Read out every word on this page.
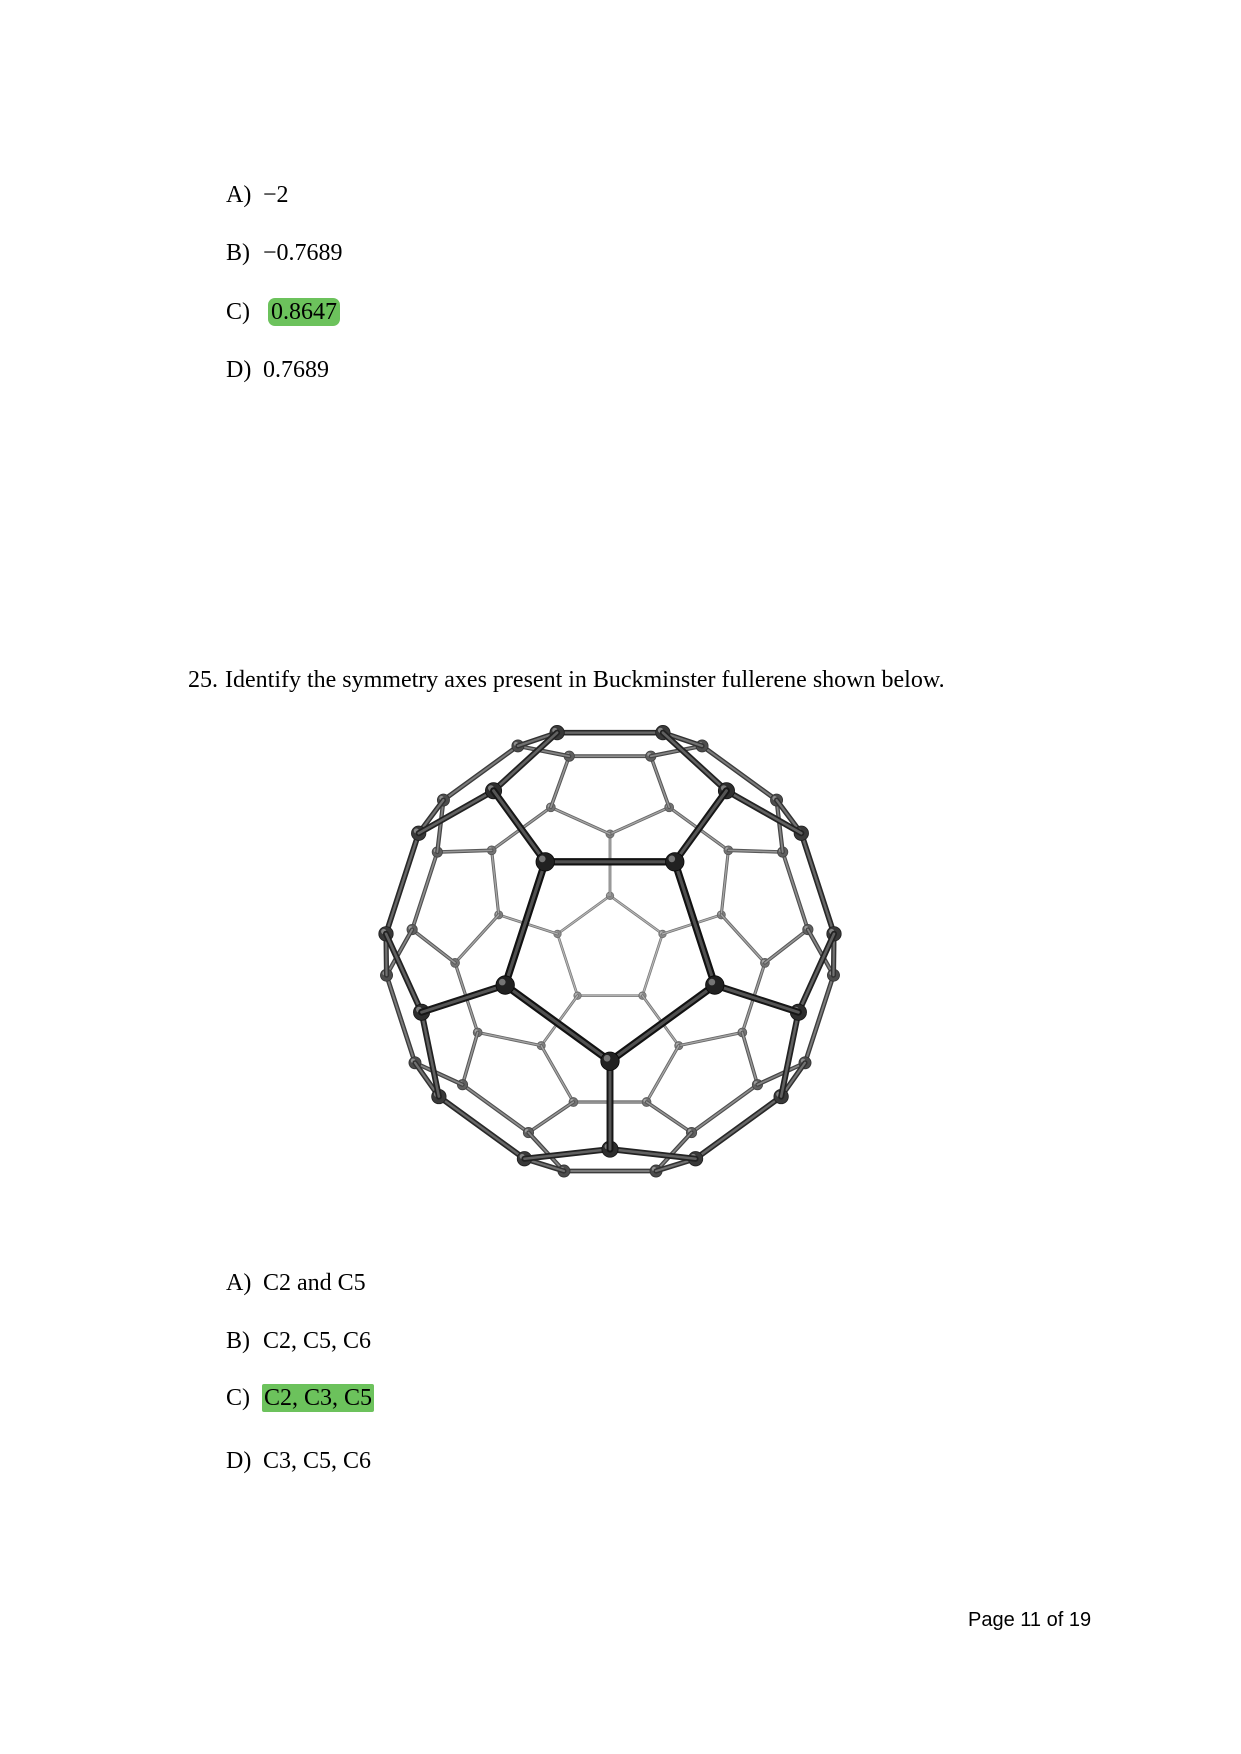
A) −2
B) −0.7689
C) 0.8647
D) 0.7689
25. Identify the symmetry axes present in Buckminster fullerene shown below.
A) C2 and C5
B) C2, C5, C6
C) C2, C3, C5
D) C3, C5, C6
Page 11 of 19
